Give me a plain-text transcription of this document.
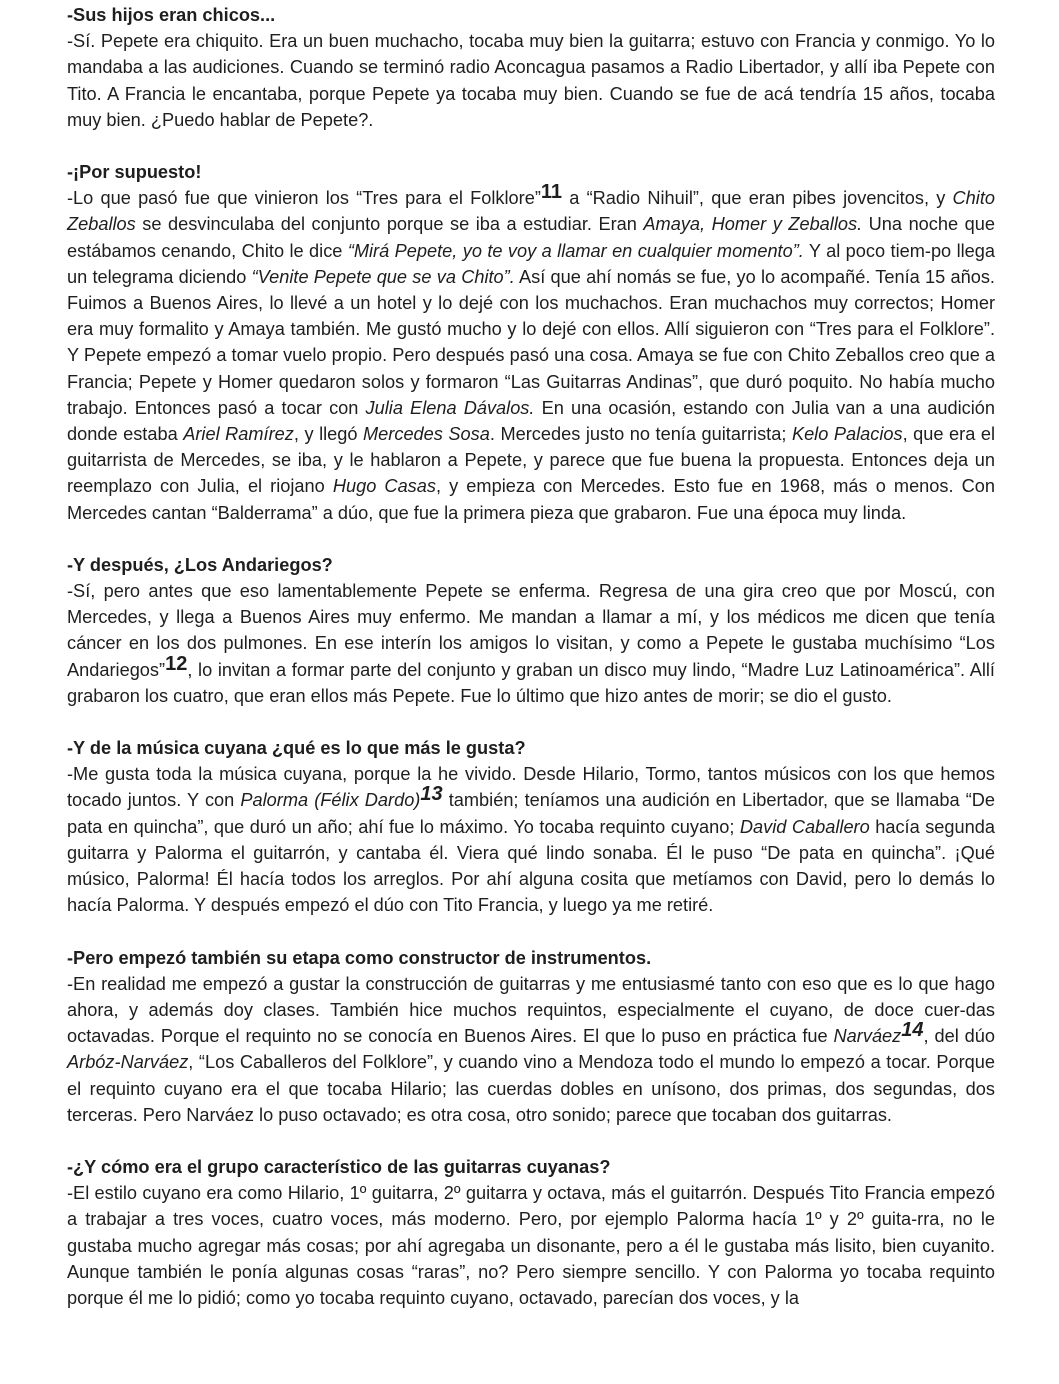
-Sus hijos eran chicos...

-Sí. Pepete era chiquito. Era un buen muchacho, tocaba muy bien la guitarra; estuvo con Francia y conmigo. Yo lo mandaba a las audiciones. Cuando se terminó radio Aconcagua pasamos a Radio Libertador, y allí iba Pepete con Tito. A Francia le encantaba, porque Pepete ya tocaba muy bien. Cuando se fue de acá tendría 15 años, tocaba muy bien. ¿Puedo hablar de Pepete?.

-¡Por supuesto!

-Lo que pasó fue que vinieron los “Tres para el Folklore”$^{11}$ a “Radio Nihuil”, que eran pibes jovencitos, y Chito Zeballos se desvinculaba del conjunto porque se iba a estudiar. Eran Amaya, Homer y Zeballos. Una noche que estábamos cenando, Chito le dice “Mirá Pepete, yo te voy a llamar en cualquier momento”. Y al poco tiem-po llega un telegrama diciendo “Venite Pepete que se va Chito”. Así que ahí nomás se fue, yo lo acompañé. Tenía 15 años. Fuimos a Buenos Aires, lo llevé a un hotel y lo dejé con los muchachos. Eran muchachos muy correctos; Homer era muy formalito y Amaya también. Me gustó mucho y lo dejé con ellos. Allí siguieron con “Tres para el Folklore”. Y Pepete empezó a tomar vuelo propio. Pero después pasó una cosa. Amaya se fue con Chito Zeballos creo que a Francia; Pepete y Homer quedaron solos y formaron “Las Guitarras Andinas”, que duró poquito. No había mucho trabajo. Entonces pasó a tocar con Julia Elena Dávalos. En una ocasión, estando con Julia van a una audición donde estaba Ariel Ramírez, y llegó Mercedes Sosa. Mercedes justo no tenía guitarrista; Kelo Palacios, que era el guitarrista de Mercedes, se iba, y le hablaron a Pepete, y parece que fue buena la propuesta. Entonces deja un reemplazo con Julia, el riojano Hugo Casas, y empieza con Mercedes. Esto fue en 1968, más o menos. Con Mercedes cantan “Balderrama” a dúo, que fue la primera pieza que grabaron. Fue una época muy linda.

-Y después, ¿Los Andariegos?

-Sí, pero antes que eso lamentablemente Pepete se enferma. Regresa de una gira creo que por Moscú, con Mercedes, y llega a Buenos Aires muy enfermo. Me mandan a llamar a mí, y los médicos me dicen que tenía cáncer en los dos pulmones. En ese interín los amigos lo visitan, y como a Pepete le gustaba muchísimo “Los Andariegos”$^{12}$, lo invitan a formar parte del conjunto y graban un disco muy lindo, “Madre Luz Latinoamérica”. Allí grabaron los cuatro, que eran ellos más Pepete. Fue lo último que hizo antes de morir; se dio el gusto.

-Y de la música cuyana ¿qué es lo que más le gusta?

-Me gusta toda la música cuyana, porque la he vivido. Desde Hilario, Tormo, tantos músicos con los que hemos tocado juntos. Y con Palorma (Félix Dardo)$^{13}$ también; teníamos una audición en Libertador, que se llamaba “De pata en quincha”, que duró un año; ahí fue lo máximo. Yo tocaba requinto cuyano; David Caballero hacía segunda guitarra y Palorma el guitarrón, y cantaba él. Viera qué lindo sonaba. Él le puso “De pata en quincha”. ¡Qué músico, Palorma! Él hacía todos los arreglos. Por ahí alguna cosita que metíamos con David, pero lo demás lo hacía Palorma. Y después empezó el dúo con Tito Francia, y luego ya me retiré.

-Pero empezó también su etapa como constructor de instrumentos.

-En realidad me empezó a gustar la construcción de guitarras y me entusiasmé tanto con eso que es lo que hago ahora, y además doy clases. También hice muchos requintos, especialmente el cuyano, de doce cuer-das octavadas. Porque el requinto no se conocía en Buenos Aires. El que lo puso en práctica fue Narváez$^{14}$, del dúo Arbóz-Narváez, “Los Caballeros del Folklore”, y cuando vino a Mendoza todo el mundo lo empezó a tocar. Porque el requinto cuyano era el que tocaba Hilario; las cuerdas dobles en unísono, dos primas, dos segundas, dos terceras. Pero Narváez lo puso octavado; es otra cosa, otro sonido; parece que tocaban dos guitarras.

-¿Y cómo era el grupo característico de las guitarras cuyanas?

-El estilo cuyano era como Hilario, 1º guitarra, 2º guitarra y octava, más el guitarrón. Después Tito Francia empezó a trabajar a tres voces, cuatro voces, más moderno. Pero, por ejemplo Palorma hacía 1º y 2º guita-rra, no le gustaba mucho agregar más cosas; por ahí agregaba un disonante, pero a él le gustaba más lisito, bien cuyanito. Aunque también le ponía algunas cosas “raras”, no? Pero siempre sencillo. Y con Palorma yo tocaba requinto porque él me lo pidió; como yo tocaba requinto cuyano, octavado, parecían dos voces, y la
